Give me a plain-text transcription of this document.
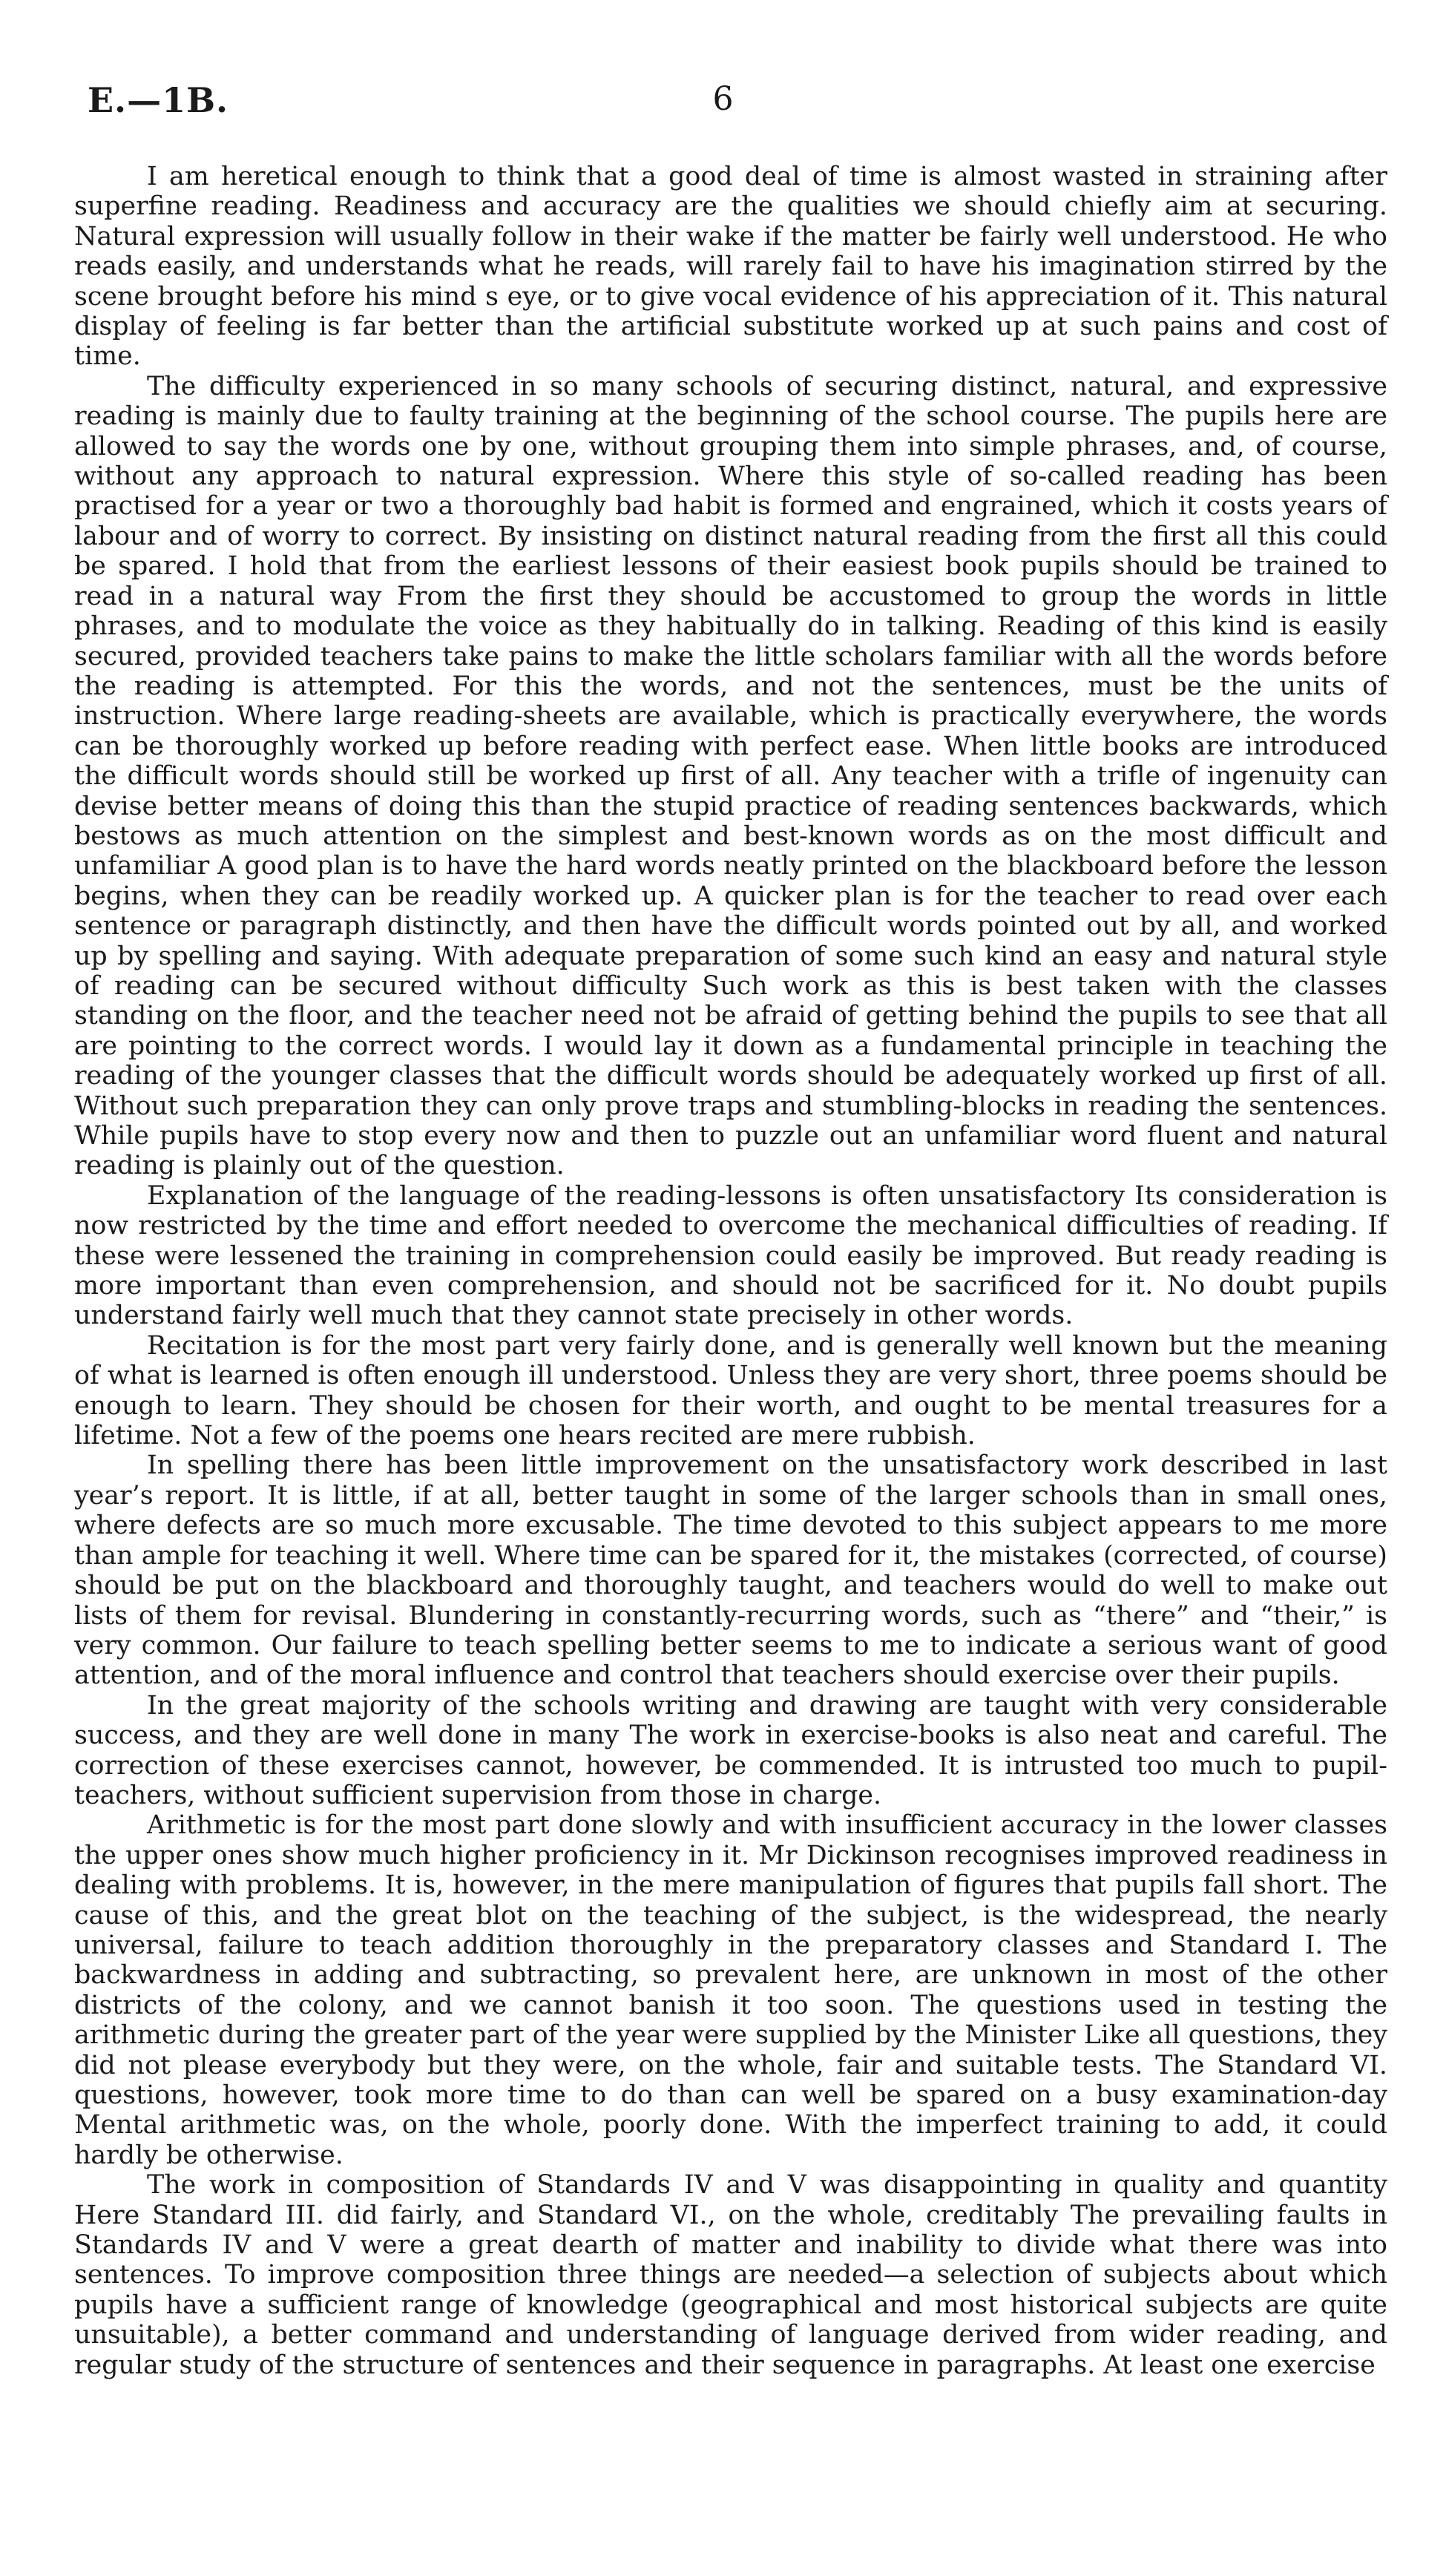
E.—1B.	6

I am heretical enough to think that a good deal of time is almost wasted in straining after superfine reading. Readiness and accuracy are the qualities we should chiefly aim at securing. Natural expression will usually follow in their wake if the matter be fairly well understood. He who reads easily, and understands what he reads, will rarely fail to have his imagination stirred by the scene brought before his mind s eye, or to give vocal evidence of his appreciation of it. This natural display of feeling is far better than the artificial substitute worked up at such pains and cost of time.

The difficulty experienced in so many schools of securing distinct, natural, and expressive reading is mainly due to faulty training at the beginning of the school course. The pupils here are allowed to say the words one by one, without grouping them into simple phrases, and, of course, without any approach to natural expression. Where this style of so-called reading has been practised for a year or two a thoroughly bad habit is formed and engrained, which it costs years of labour and of worry to correct. By insisting on distinct natural reading from the first all this could be spared. I hold that from the earliest lessons of their easiest book pupils should be trained to read in a natural way From the first they should be accustomed to group the words in little phrases, and to modulate the voice as they habitually do in talking. Reading of this kind is easily secured, provided teachers take pains to make the little scholars familiar with all the words before the reading is attempted. For this the words, and not the sentences, must be the units of instruction. Where large reading-sheets are available, which is practically everywhere, the words can be thoroughly worked up before reading with perfect ease. When little books are introduced the difficult words should still be worked up first of all. Any teacher with a trifle of ingenuity can devise better means of doing this than the stupid practice of reading sentences backwards, which bestows as much attention on the simplest and best-known words as on the most difficult and unfamiliar A good plan is to have the hard words neatly printed on the blackboard before the lesson begins, when they can be readily worked up. A quicker plan is for the teacher to read over each sentence or paragraph distinctly, and then have the difficult words pointed out by all, and worked up by spelling and saying. With adequate preparation of some such kind an easy and natural style of reading can be secured without difficulty Such work as this is best taken with the classes standing on the floor, and the teacher need not be afraid of getting behind the pupils to see that all are pointing to the correct words. I would lay it down as a fundamental principle in teaching the reading of the younger classes that the difficult words should be adequately worked up first of all. Without such preparation they can only prove traps and stumbling-blocks in reading the sentences. While pupils have to stop every now and then to puzzle out an unfamiliar word fluent and natural reading is plainly out of the question.

Explanation of the language of the reading-lessons is often unsatisfactory Its consideration is now restricted by the time and effort needed to overcome the mechanical difficulties of reading. If these were lessened the training in comprehension could easily be improved. But ready reading is more important than even comprehension, and should not be sacrificed for it. No doubt pupils understand fairly well much that they cannot state precisely in other words.

Recitation is for the most part very fairly done, and is generally well known but the meaning of what is learned is often enough ill understood. Unless they are very short, three poems should be enough to learn. They should be chosen for their worth, and ought to be mental treasures for a lifetime. Not a few of the poems one hears recited are mere rubbish.

In spelling there has been little improvement on the unsatisfactory work described in last year’s report. It is little, if at all, better taught in some of the larger schools than in small ones, where defects are so much more excusable. The time devoted to this subject appears to me more than ample for teaching it well. Where time can be spared for it, the mistakes (corrected, of course) should be put on the blackboard and thoroughly taught, and teachers would do well to make out lists of them for revisal. Blundering in constantly-recurring words, such as “there” and “their,” is very common. Our failure to teach spelling better seems to me to indicate a serious want of good attention, and of the moral influence and control that teachers should exercise over their pupils.

In the great majority of the schools writing and drawing are taught with very considerable success, and they are well done in many The work in exercise-books is also neat and careful. The correction of these exercises cannot, however, be commended. It is intrusted too much to pupil-teachers, without sufficient supervision from those in charge.

Arithmetic is for the most part done slowly and with insufficient accuracy in the lower classes the upper ones show much higher proficiency in it. Mr Dickinson recognises improved readiness in dealing with problems. It is, however, in the mere manipulation of figures that pupils fall short. The cause of this, and the great blot on the teaching of the subject, is the widespread, the nearly universal, failure to teach addition thoroughly in the preparatory classes and Standard I. The backwardness in adding and subtracting, so prevalent here, are unknown in most of the other districts of the colony, and we cannot banish it too soon. The questions used in testing the arithmetic during the greater part of the year were supplied by the Minister Like all questions, they did not please everybody but they were, on the whole, fair and suitable tests. The Standard VI. questions, however, took more time to do than can well be spared on a busy examination-day Mental arithmetic was, on the whole, poorly done. With the imperfect training to add, it could hardly be otherwise.

The work in composition of Standards IV and V was disappointing in quality and quantity Here Standard III. did fairly, and Standard VI., on the whole, creditably The prevailing faults in Standards IV and V were a great dearth of matter and inability to divide what there was into sentences. To improve composition three things are needed—a selection of subjects about which pupils have a sufficient range of knowledge (geographical and most historical subjects are quite unsuitable), a better command and understanding of language derived from wider reading, and regular study of the structure of sentences and their sequence in paragraphs. At least one exercise
